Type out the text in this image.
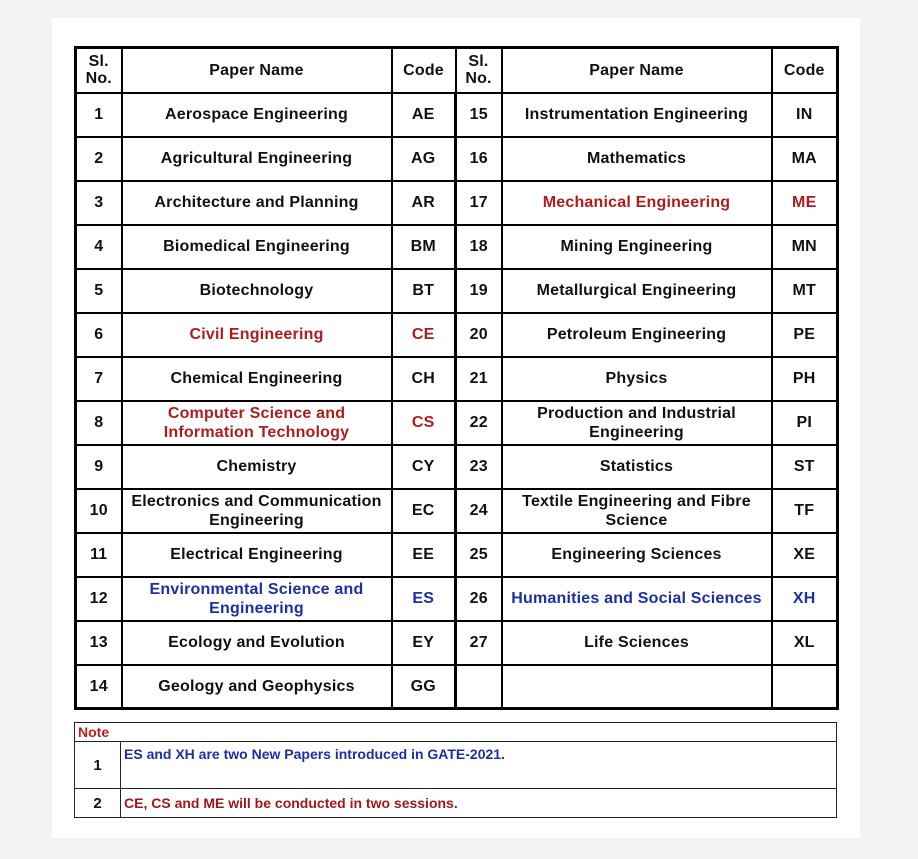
Sl. No.	Paper Name	Code	Sl. No.	Paper Name	Code
1	Aerospace Engineering	AE	15	Instrumentation Engineering	IN
2	Agricultural Engineering	AG	16	Mathematics	MA
3	Architecture and Planning	AR	17	Mechanical Engineering	ME
4	Biomedical Engineering	BM	18	Mining Engineering	MN
5	Biotechnology	BT	19	Metallurgical Engineering	MT
6	Civil Engineering	CE	20	Petroleum Engineering	PE
7	Chemical Engineering	CH	21	Physics	PH
8	Computer Science and Information Technology	CS	22	Production and Industrial Engineering	PI
9	Chemistry	CY	23	Statistics	ST
10	Electronics and Communication Engineering	EC	24	Textile Engineering and Fibre Science	TF
11	Electrical Engineering	EE	25	Engineering Sciences	XE
12	Environmental Science and Engineering	ES	26	Humanities and Social Sciences	XH
13	Ecology and Evolution	EY	27	Life Sciences	XL
14	Geology and Geophysics	GG			
Note	
1	ES and XH are two New Papers introduced in GATE-2021.
2	CE, CS and ME will be conducted in two sessions.
